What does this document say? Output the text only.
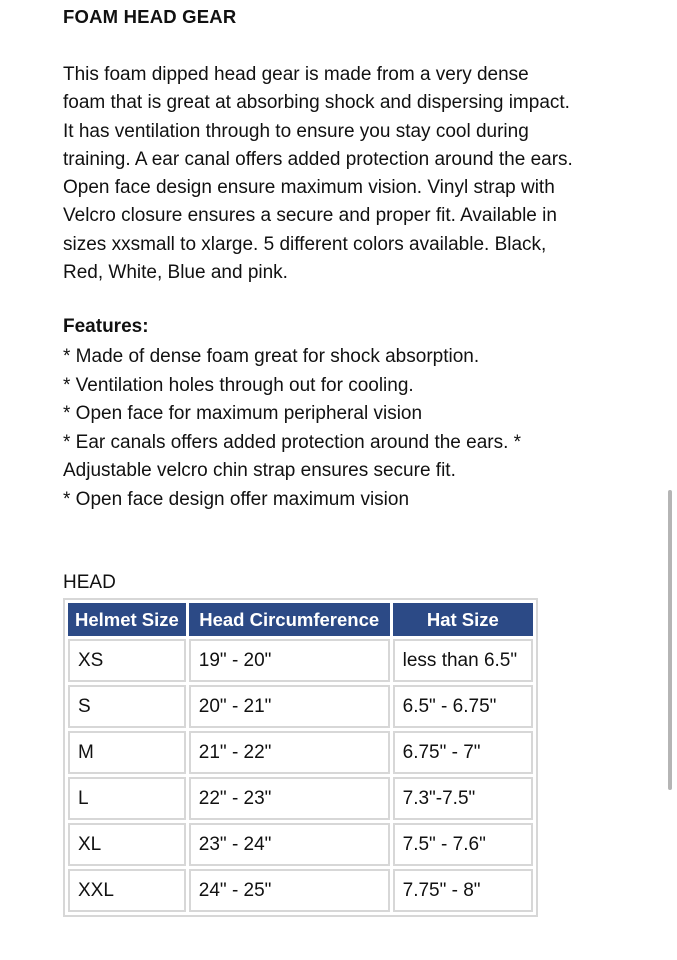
FOAM HEAD GEAR

This foam dipped head gear is made from a very dense
foam that is great at absorbing shock and dispersing impact.
It has ventilation through to ensure you stay cool during
training. A ear canal offers added protection around the ears.
Open face design ensure maximum vision. Vinyl strap with
Velcro closure ensures a secure and proper fit. Available in
sizes xxsmall to xlarge. 5 different colors available. Black,
Red, White, Blue and pink.

Features:
* Made of dense foam great for shock absorption.
* Ventilation holes through out for cooling.
* Open face for maximum peripheral vision
* Ear canals offers added protection around the ears. *
Adjustable velcro chin strap ensures secure fit.
* Open face design offer maximum vision
HEAD
Helmet Size	Head Circumference	Hat Size
XS	19" - 20"	less than 6.5"
S	20" - 21"	6.5" - 6.75"
M	21" - 22"	6.75" - 7"
L	22" - 23"	7.3"-7.5"
XL	23" - 24"	7.5" - 7.6"
XXL	24" - 25"	7.75" - 8"
